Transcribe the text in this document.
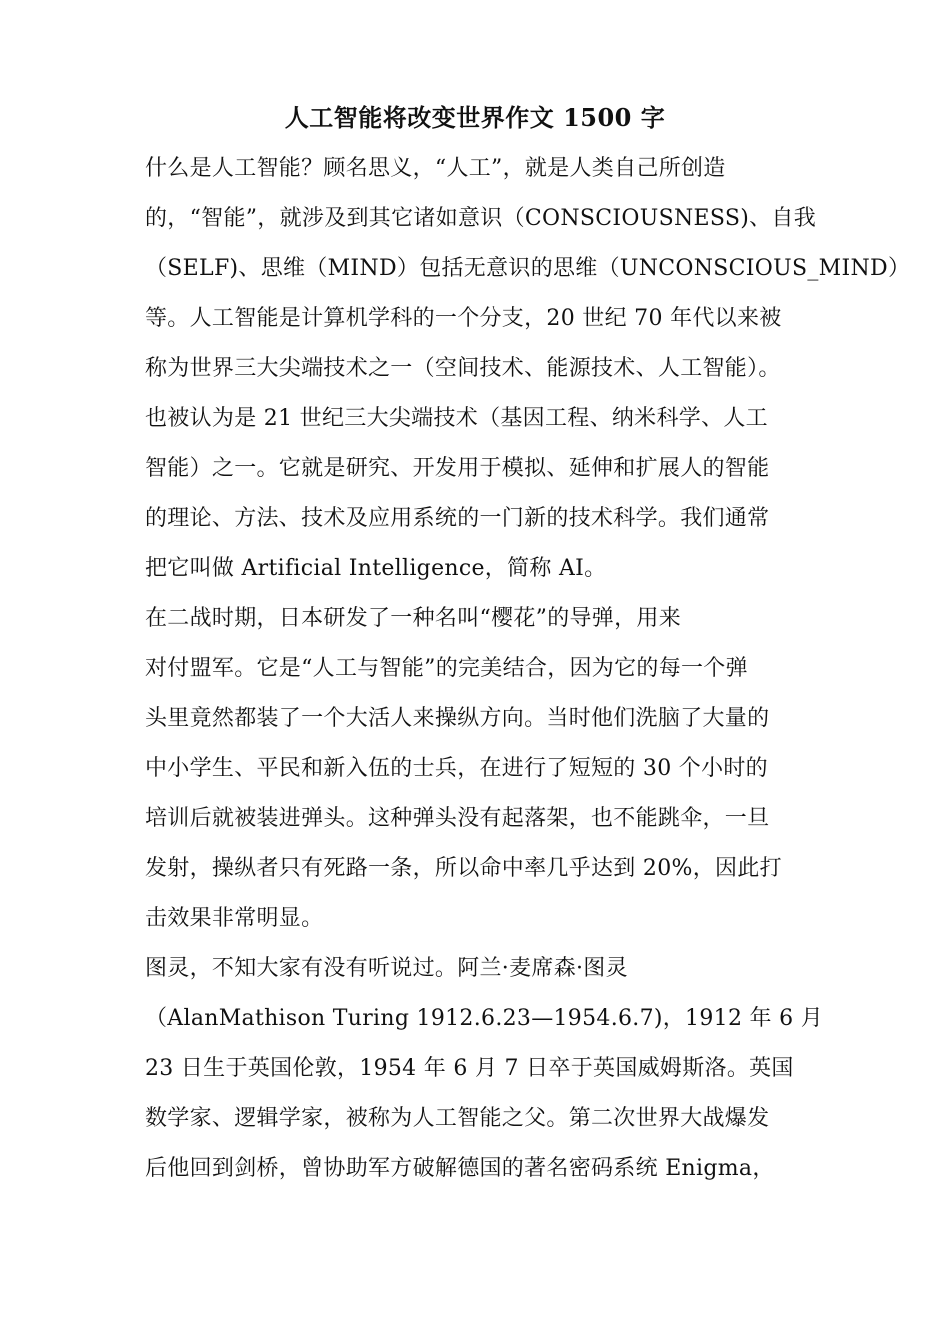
人工智能将改变世界作文 1500 字
什么是人工智能？顾名思义，“人工”，就是人类自己所创造
的，“智能”，就涉及到其它诸如意识（CONSCIOUSNESS)、自我
（SELF)、思维（MIND）包括无意识的思维（UNCONSCIOUS_MIND）
等。人工智能是计算机学科的一个分支，20 世纪 70 年代以来被
称为世界三大尖端技术之一（空间技术、能源技术、人工智能）。
也被认为是 21 世纪三大尖端技术（基因工程、纳米科学、人工
智能）之一。它就是研究、开发用于模拟、延伸和扩展人的智能
的理论、方法、技术及应用系统的一门新的技术科学。我们通常
把它叫做 Artificial Intelligence，简称 AI。
在二战时期，日本研发了一种名叫“樱花”的导弹，用来
对付盟军。它是“人工与智能”的完美结合，因为它的每一个弹
头里竟然都装了一个大活人来操纵方向。当时他们洗脑了大量的
中小学生、平民和新入伍的士兵，在进行了短短的 30 个小时的
培训后就被装进弹头。这种弹头没有起落架，也不能跳伞，一旦
发射，操纵者只有死路一条，所以命中率几乎达到 20%，因此打
击效果非常明显。
图灵，不知大家有没有听说过。阿兰·麦席森·图灵
（AlanMathison Turing 1912.6.23—1954.6.7)，1912 年 6 月
23 日生于英国伦敦，1954 年 6 月 7 日卒于英国威姆斯洛。英国
数学家、逻辑学家，被称为人工智能之父。第二次世界大战爆发
后他回到剑桥，曾协助军方破解德国的著名密码系统 Enigma，
